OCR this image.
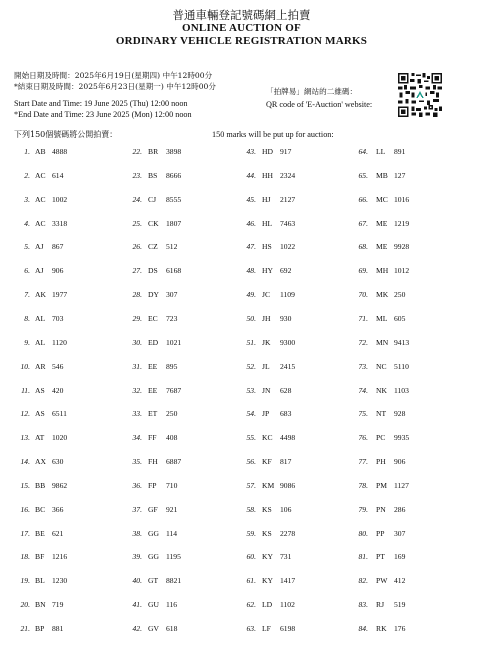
普通車輛登記號碼網上拍賣
ONLINE AUCTION OF
ORDINARY VEHICLE REGISTRATION MARKS
開始日期及時間：2025年6月19日(星期四) 中午12時00分
*結束日期及時間：2025年6月23日(星期一) 中午12時00分
Start Date and Time: 19 June 2025 (Thu) 12:00 noon
*End Date and Time: 23 June 2025 (Mon) 12:00 noon
「拍牌易」網站的二維碼：
QR code of 'E-Auction' website:
下列150個號碼將公開拍賣：	150 marks will be put up for auction:
1. AB 4888
2. AC 614
3. AC 1002
4. AC 3318
5. AJ 867
6. AJ 906
7. AK 1977
8. AL 703
9. AL 1120
10. AR 546
11. AS 420
12. AS 6511
13. AT 1020
14. AX 630
15. BB 9862
16. BC 366
17. BE 621
18. BF 1216
19. BL 1230
20. BN 719
21. BP 881
22. BR 3898
23. BS 8666
24. CJ 8555
25. CK 1807
26. CZ 512
27. DS 6168
28. DY 307
29. EC 723
30. ED 1021
31. EE 895
32. EE 7687
33. ET 250
34. FF 408
35. FH 6887
36. FP 710
37. GF 921
38. GG 114
39. GG 1195
40. GT 8821
41. GU 116
42. GV 618
43. HD 917
44. HH 2324
45. HJ 2127
46. HL 7463
47. HS 1022
48. HY 692
49. JC 1109
50. JH 930
51. JK 9300
52. JL 2415
53. JN 628
54. JP 683
55. KC 4498
56. KF 817
57. KM 9086
58. KS 106
59. KS 2278
60. KY 731
61. KY 1417
62. LD 1102
63. LF 6198
64. LL 891
65. MB 127
66. MC 1016
67. ME 1219
68. ME 9928
69. MH 1012
70. MK 250
71. ML 605
72. MN 9413
73. NC 5110
74. NK 1103
75. NT 928
76. PC 9935
77. PH 906
78. PM 1127
79. PN 286
80. PP 307
81. PT 169
82. PW 412
83. RJ 519
84. RK 176
